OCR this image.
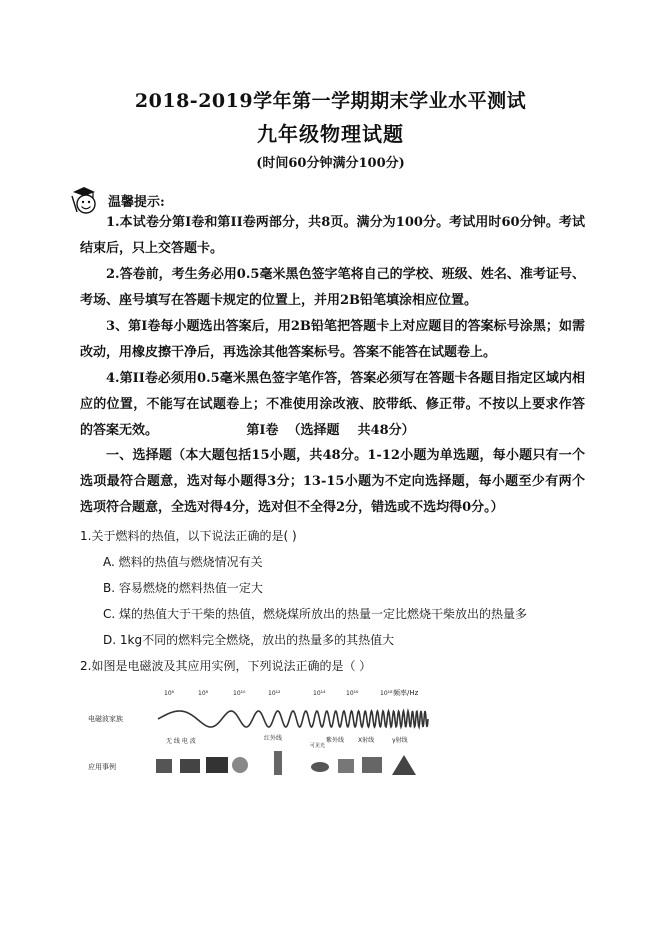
2018-2019学年第一学期期末学业水平测试
九年级物理试题
(时间60分钟满分100分)
温馨提示:
1.本试卷分第I卷和第II卷两部分，共8页。满分为100分。考试用时60分钟。考试结束后，只上交答题卡。
2.答卷前，考生务必用0.5毫米黑色签字笔将自己的学校、班级、姓名、准考证号、考场、座号填写在答题卡规定的位置上，并用2B铅笔填涂相应位置。
3、第I卷每小题选出答案后，用2B铅笔把答题卡上对应题目的答案标号涂黑；如需改动，用橡皮擦干净后，再选涂其他答案标号。答案不能答在试题卷上。
4.第II卷必须用0.5毫米黑色签字笔作答，答案必须写在答题卡各题目指定区域内相应的位置，不能写在试题卷上；不准使用涂改液、胶带纸、修正带。不按以上要求作答的答案无效。	第I卷  （选择题    共48分）
一、选择题（本大题包括15小题，共48分。1-12小题为单选题，每小题只有一个选项最符合题意，选对每小题得3分；13-15小题为不定向选择题，每小题至少有两个选项符合题意，全选对得4分，选对但不全得2分，错选或不选均得0分。）
1.关于燃料的热值，以下说法正确的是( )
A. 燃料的热值与燃烧情况有关
B. 容易燃烧的燃料热值一定大
C. 煤的热值大于干柴的热值，燃烧煤所放出的热量一定比燃烧干柴放出的热量多
D. 1kg不同的燃料完全燃烧，放出的热量多的其热值大
2.如图是电磁波及其应用实例，下列说法正确的是（ ）
电磁波家族
应用事例
10⁶	10⁸	10¹⁰	10¹²	10¹⁴	10¹⁶	10¹⁸ 频率/Hz
无 线 电 波	红外线
可见光
紫外线 X射线	γ射线
